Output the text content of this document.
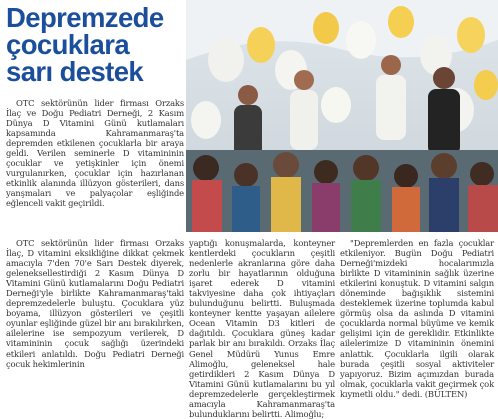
Depremzede
çocuklara
sarı destek

OTC sektörünün lider firması Orzaks İlaç ve Doğu Pediatri Derneği, 2 Kasım Dünya D Vitamini Günü kutlamaları kapsamında Kahramanmaraş'ta depremden etkilenen çocuklarla bir araya geldi. Verilen seminerle D vitamininin çocuklar ve yetişkinler için önemi vurgulanırken, çocuklar için hazırlanan etkinlik alanında illüzyon gösterileri, dans yanşmaları ve palyaçolar eşliğinde eğlenceli vakit geçirildi.

OTC sektörünün lider firması Orzaks İlaç, D vitamini eksikliğine dikkat çekmek amacıyla 7'den 70'e Sarı Destek diyerek, geleneksellestirdiği 2 Kasım Dünya D Vitamini Günü kutlamalarını Doğu Pediatri Derneği'yle birlikte Kahramanmaraş'taki depremzedelerle buluştu. Çocuklara yüz boyama, illüzyon gösterileri ve çeşitli oyunlar eşliğinde güzel bir anı bırakılırken, ailelerine ise sempozyum verilerek, D vitamininin çocuk sağlığı üzerindeki etkileri anlatıldı. Doğu Pediatri Derneği çocuk hekimlerinin

yaptığı konuşmalarda, konteyner kentlerdeki çocukların çeşitli nedenlerle akranlarına göre daha zorlu bir hayatlarının olduğuna işaret ederek D vitamini takviyesine daha çok ihtiyaçları bulunduğunu belirtti. Buluşmada konteyner kentte yaşayan ailelere Ocean Vitamin D3 kitleri de dağıtıldı. Çocuklara güneş kadar parlak bir anı bırakıldı. Orzaks İlaç Genel Müdürü Yunus Emre Alimoğlu, geleneksel hale getirdikleri 2 Kasım Dünya D Vitamini Günü kutlamalarını bu yıl depremzedelerle gerçekleştirmek amacıyla Kahramanmaraş'ta bulunduklarını belirtti. Alimoğlu;

"Depremlerden en fazla çocuklar etkileniyor. Bugün Doğu Pediatri Derneği'mizdeki hocalarımızla birlikte D vitamininin sağlık üzerine etkilerini konuştuk. D vitamini salgın döneminde bağışıklık sistemini desteklemek üzerine toplumda kabul görmüş olsa da aslında D vitamini çocuklarda normal büyüme ve kemik gelişimi için de gereklidir. Etkinlikte ailelerimize D vitamininin önemini anlattık. Çocuklarla ilgili olarak burada çeşitli sosyal aktiviteler yapıyoruz. Bizim açımızdan burada olmak, çocuklarla vakit geçirmek çok kıymetli oldu." dedi. (BÜLTEN)
